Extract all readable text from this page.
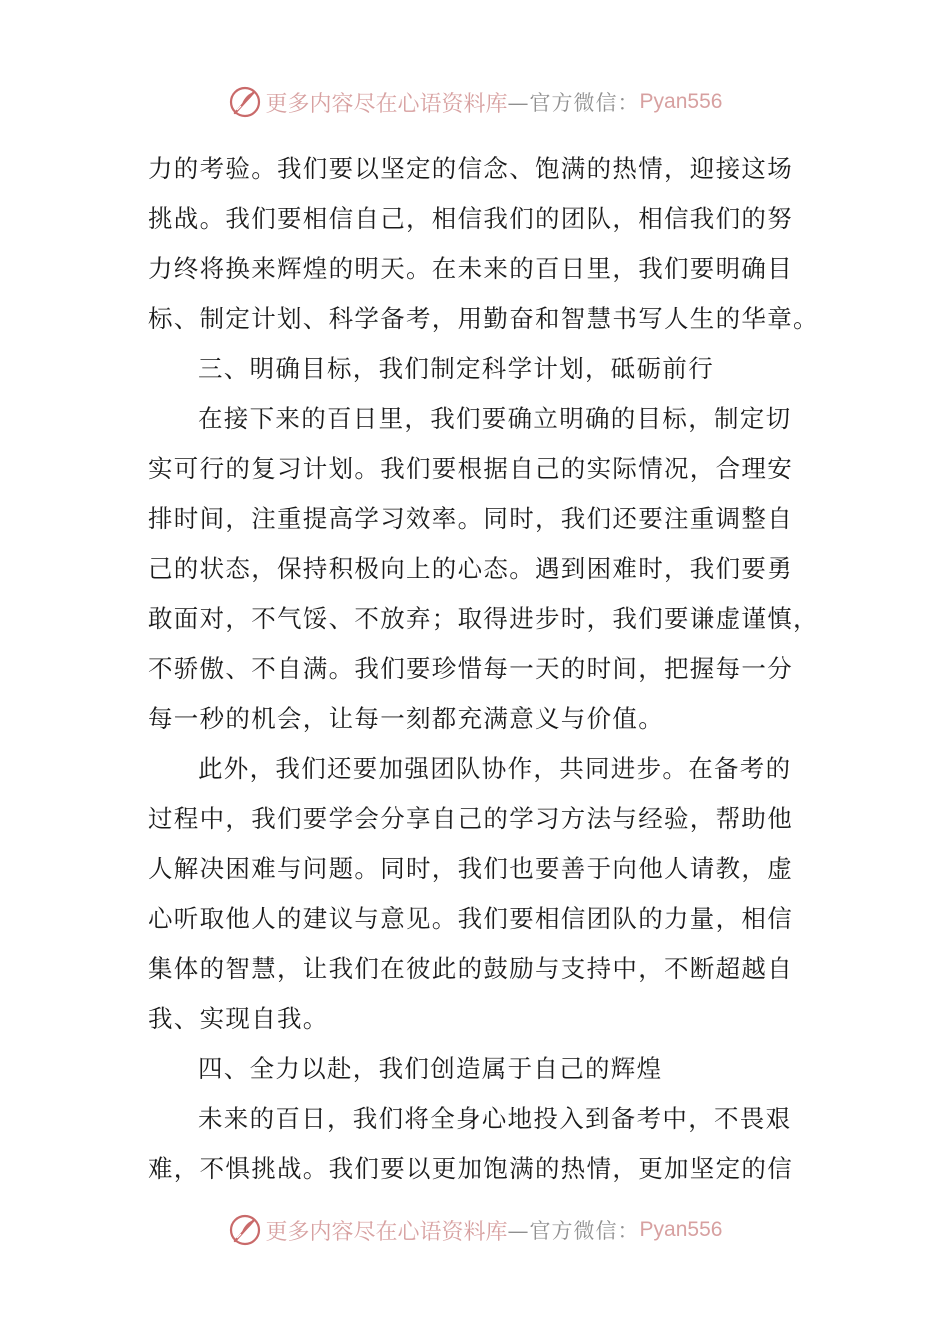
更多内容尽在心语资料库 —官方微信： Pyan556
力的考验。我们要以坚定的信念、饱满的热情，迎接这场
挑战。我们要相信自己，相信我们的团队，相信我们的努
力终将换来辉煌的明天。在未来的百日里，我们要明确目
标、制定计划、科学备考，用勤奋和智慧书写人生的华章。
三、明确目标，我们制定科学计划，砥砺前行
在接下来的百日里，我们要确立明确的目标，制定切
实可行的复习计划。我们要根据自己的实际情况，合理安
排时间，注重提高学习效率。同时，我们还要注重调整自
己的状态，保持积极向上的心态。遇到困难时，我们要勇
敢面对，不气馁、不放弃；取得进步时，我们要谦虚谨慎，
不骄傲、不自满。我们要珍惜每一天的时间，把握每一分
每一秒的机会，让每一刻都充满意义与价值。
此外，我们还要加强团队协作，共同进步。在备考的
过程中，我们要学会分享自己的学习方法与经验，帮助他
人解决困难与问题。同时，我们也要善于向他人请教，虚
心听取他人的建议与意见。我们要相信团队的力量，相信
集体的智慧，让我们在彼此的鼓励与支持中，不断超越自
我、实现自我。
四、全力以赴，我们创造属于自己的辉煌
未来的百日，我们将全身心地投入到备考中，不畏艰
难，不惧挑战。我们要以更加饱满的热情，更加坚定的信
更多内容尽在心语资料库 —官方微信： Pyan556
